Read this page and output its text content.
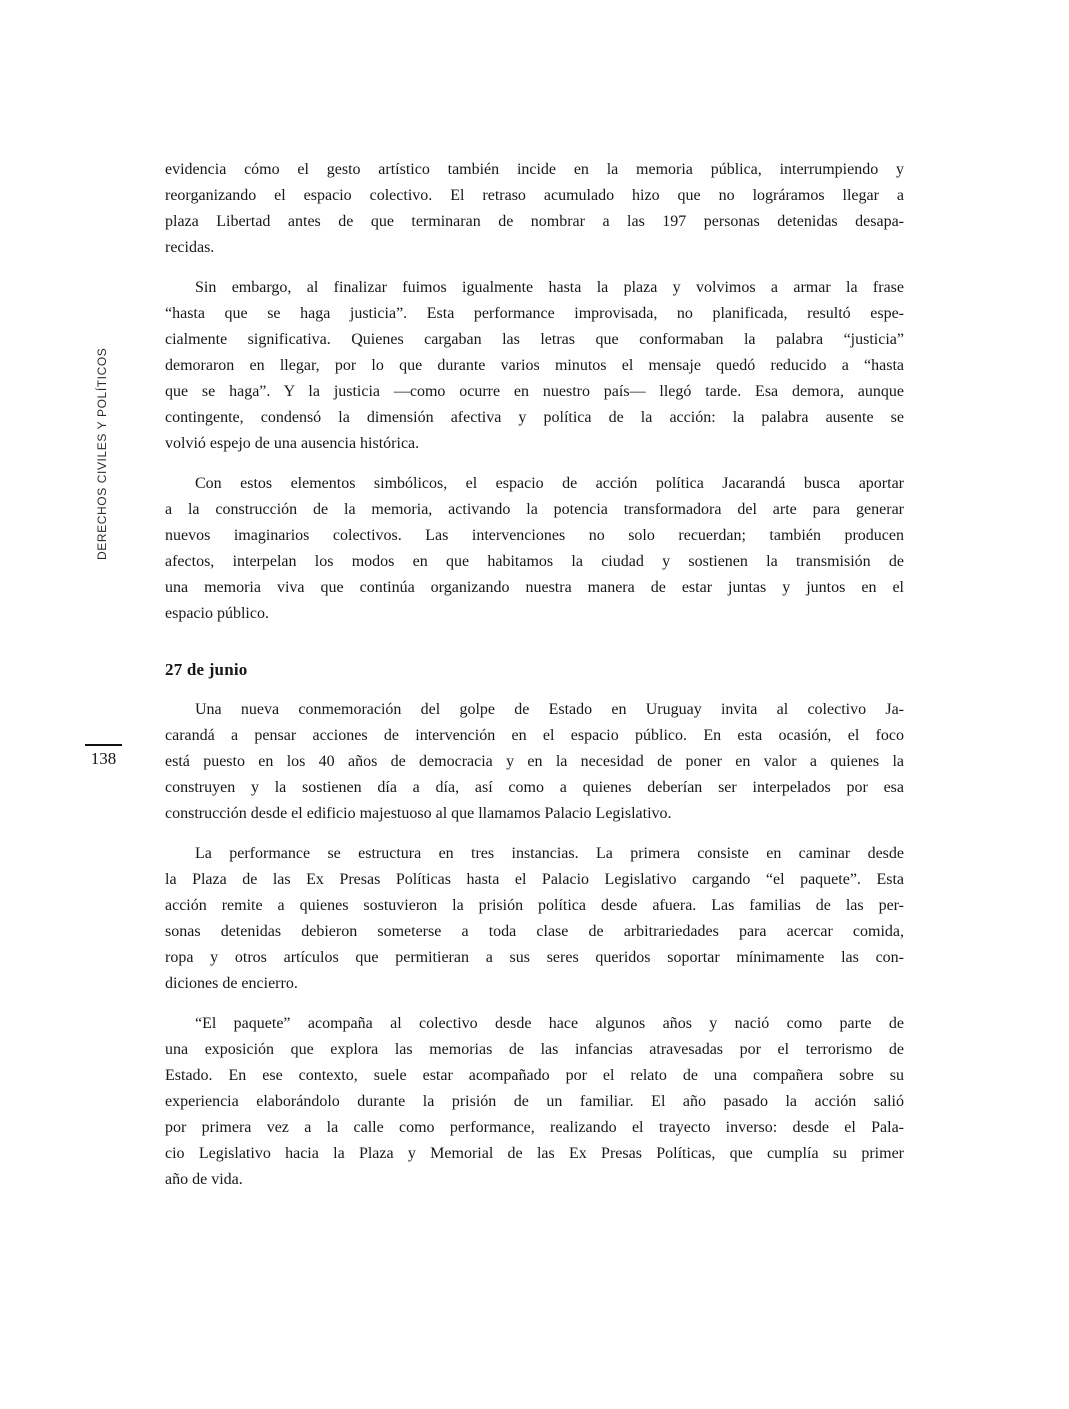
DERECHOS CIVILES Y POLÍTICOS
138
evidencia cómo el gesto artístico también incide en la memoria pública, interrumpiendo y
reorganizando el espacio colectivo. El retraso acumulado hizo que no lográramos llegar a
plaza Libertad antes de que terminaran de nombrar a las 197 personas detenidas desapa-
recidas.
Sin embargo, al finalizar fuimos igualmente hasta la plaza y volvimos a armar la frase
“hasta que se haga justicia”. Esta performance improvisada, no planificada, resultó espe-
cialmente significativa. Quienes cargaban las letras que conformaban la palabra “justicia”
demoraron en llegar, por lo que durante varios minutos el mensaje quedó reducido a “hasta
que se haga”. Y la justicia —como ocurre en nuestro país— llegó tarde. Esa demora, aunque
contingente, condensó la dimensión afectiva y política de la acción: la palabra ausente se
volvió espejo de una ausencia histórica.
Con estos elementos simbólicos, el espacio de acción política Jacarandá busca aportar
a la construcción de la memoria, activando la potencia transformadora del arte para generar
nuevos imaginarios colectivos. Las intervenciones no solo recuerdan; también producen
afectos, interpelan los modos en que habitamos la ciudad y sostienen la transmisión de
una memoria viva que continúa organizando nuestra manera de estar juntas y juntos en el
espacio público.
27 de junio
Una nueva conmemoración del golpe de Estado en Uruguay invita al colectivo Ja-
carandá a pensar acciones de intervención en el espacio público. En esta ocasión, el foco
está puesto en los 40 años de democracia y en la necesidad de poner en valor a quienes la
construyen y la sostienen día a día, así como a quienes deberían ser interpelados por esa
construcción desde el edificio majestuoso al que llamamos Palacio Legislativo.
La performance se estructura en tres instancias. La primera consiste en caminar desde
la Plaza de las Ex Presas Políticas hasta el Palacio Legislativo cargando “el paquete”. Esta
acción remite a quienes sostuvieron la prisión política desde afuera. Las familias de las per-
sonas detenidas debieron someterse a toda clase de arbitrariedades para acercar comida,
ropa y otros artículos que permitieran a sus seres queridos soportar mínimamente las con-
diciones de encierro.
“El paquete” acompaña al colectivo desde hace algunos años y nació como parte de
una exposición que explora las memorias de las infancias atravesadas por el terrorismo de
Estado. En ese contexto, suele estar acompañado por el relato de una compañera sobre su
experiencia elaborándolo durante la prisión de un familiar. El año pasado la acción salió
por primera vez a la calle como performance, realizando el trayecto inverso: desde el Pala-
cio Legislativo hacia la Plaza y Memorial de las Ex Presas Políticas, que cumplía su primer
año de vida.
